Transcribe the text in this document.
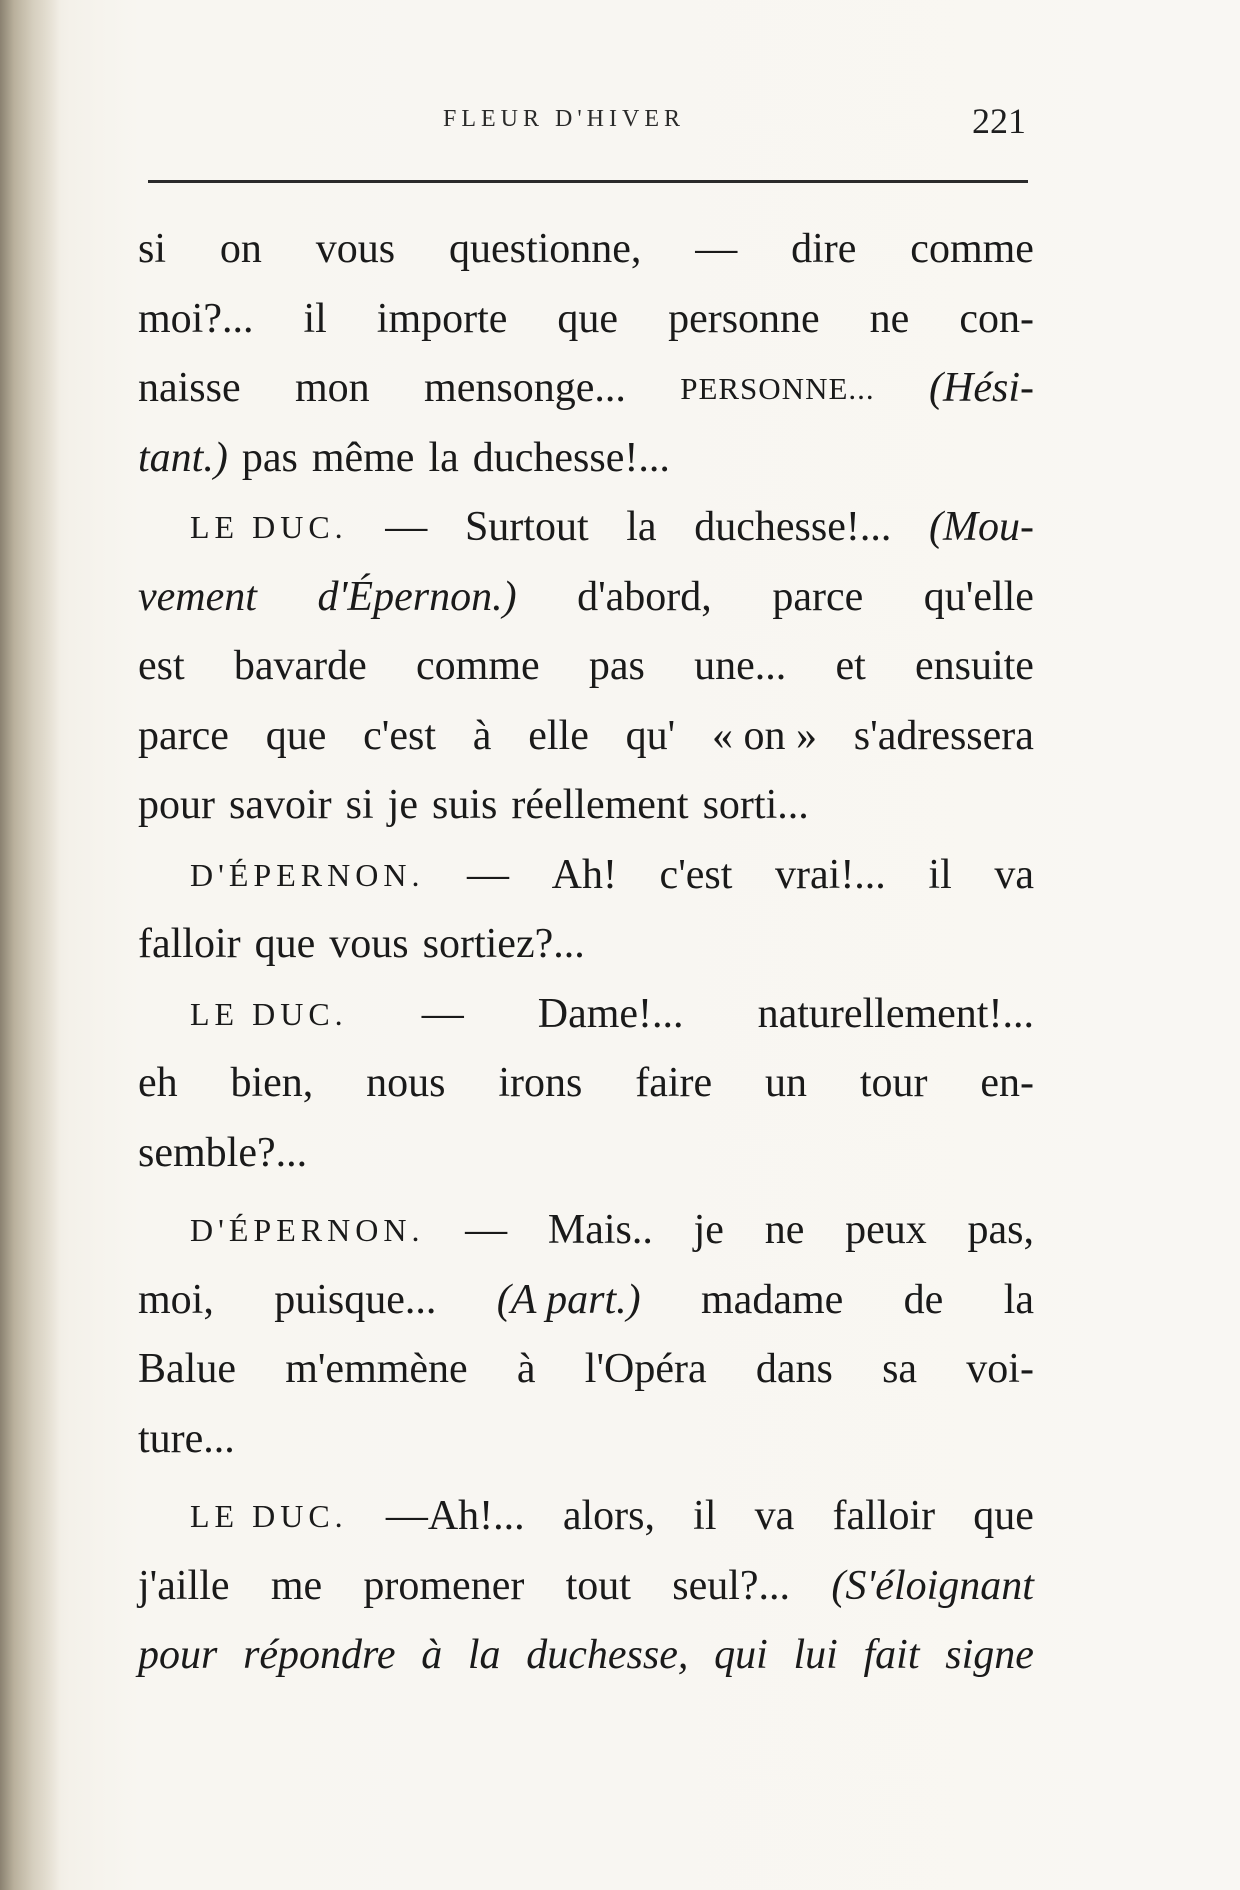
FLEUR D'HIVER	221
si on vous questionne, — dire comme
moi?... il importe que personne ne con-
naisse mon mensonge... PERSONNE... (Hési-
tant.) pas même la duchesse!...
LE DUC. — Surtout la duchesse!... (Mou-
vement d'Épernon.) d'abord, parce qu'elle
est bavarde comme pas une... et ensuite
parce que c'est à elle qu' « on » s'adressera
pour savoir si je suis réellement sorti...
D'ÉPERNON. — Ah! c'est vrai!... il va
falloir que vous sortiez?...
LE DUC. — Dame!... naturellement!...
eh bien, nous irons faire un tour en-
semble?...
D'ÉPERNON. — Mais.. je ne peux pas,
moi, puisque... (A part.) madame de la
Balue m'emmène à l'Opéra dans sa voi-
ture...
LE DUC. —Ah!... alors, il va falloir que
j'aille me promener tout seul?... (S'éloignant
pour répondre à la duchesse, qui lui fait signe
